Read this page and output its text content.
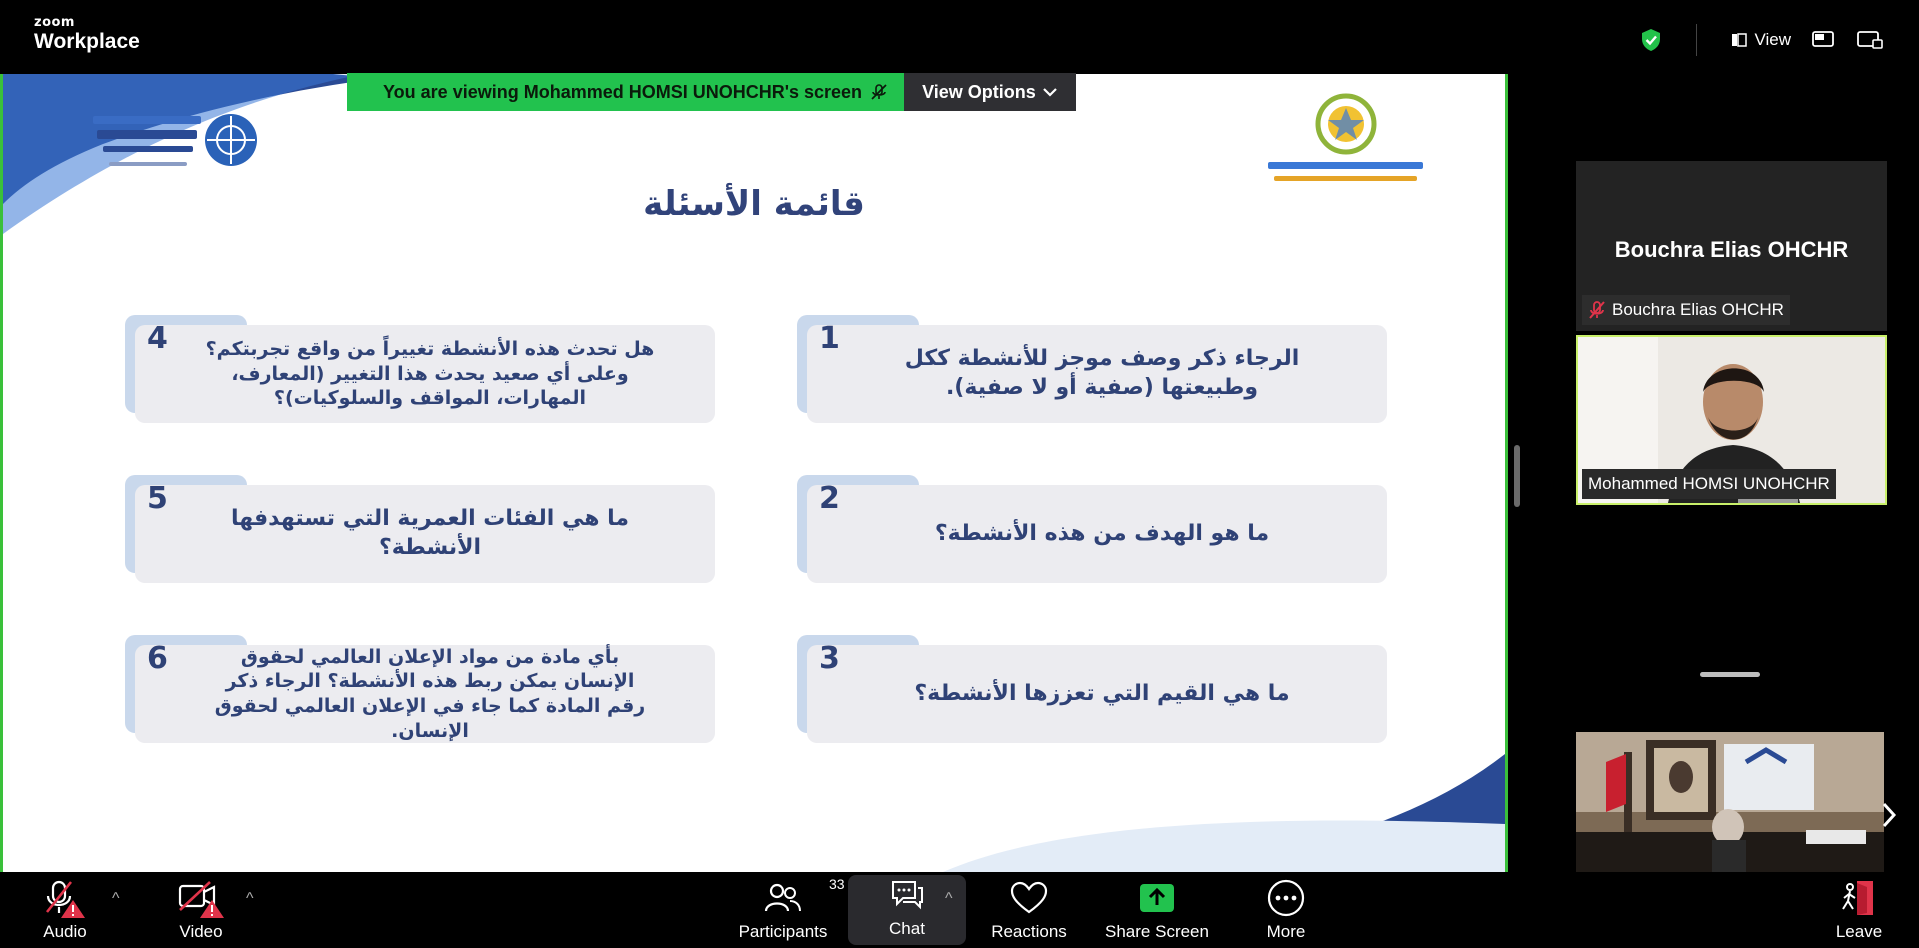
zoom
Workplace	View
قائمة الأسئلة
الرجاء ذكر وصف موجز للأنشطة ككل وطبيعتها (صفية أو لا صفية).
1
ما هو الهدف من هذه الأنشطة؟
2
ما هي القيم التي تعززها الأنشطة؟
3
هل تحدث هذه الأنشطة تغييراً من واقع تجربتكم؟ وعلى أي صعيد يحدث هذا التغيير (المعارف، المهارات، المواقف والسلوكيات)؟
4
ما هي الفئات العمرية التي تستهدفها الأنشطة؟
5
بأي مادة من مواد الإعلان العالمي لحقوق الإنسان يمكن ربط هذه الأنشطة؟ الرجاء ذكر رقم المادة كما جاء في الإعلان العالمي لحقوق الإنسان.
6
You are viewing Mohammed HOMSI UNOHCHR's screen	View Options
Bouchra Elias OHCHR
Bouchra Elias OHCHR
Mohammed HOMSI UNOHCHR
Audio
^
Video
^
33
Participants	Chat
^
Reactions Share Screen	More	Leave
